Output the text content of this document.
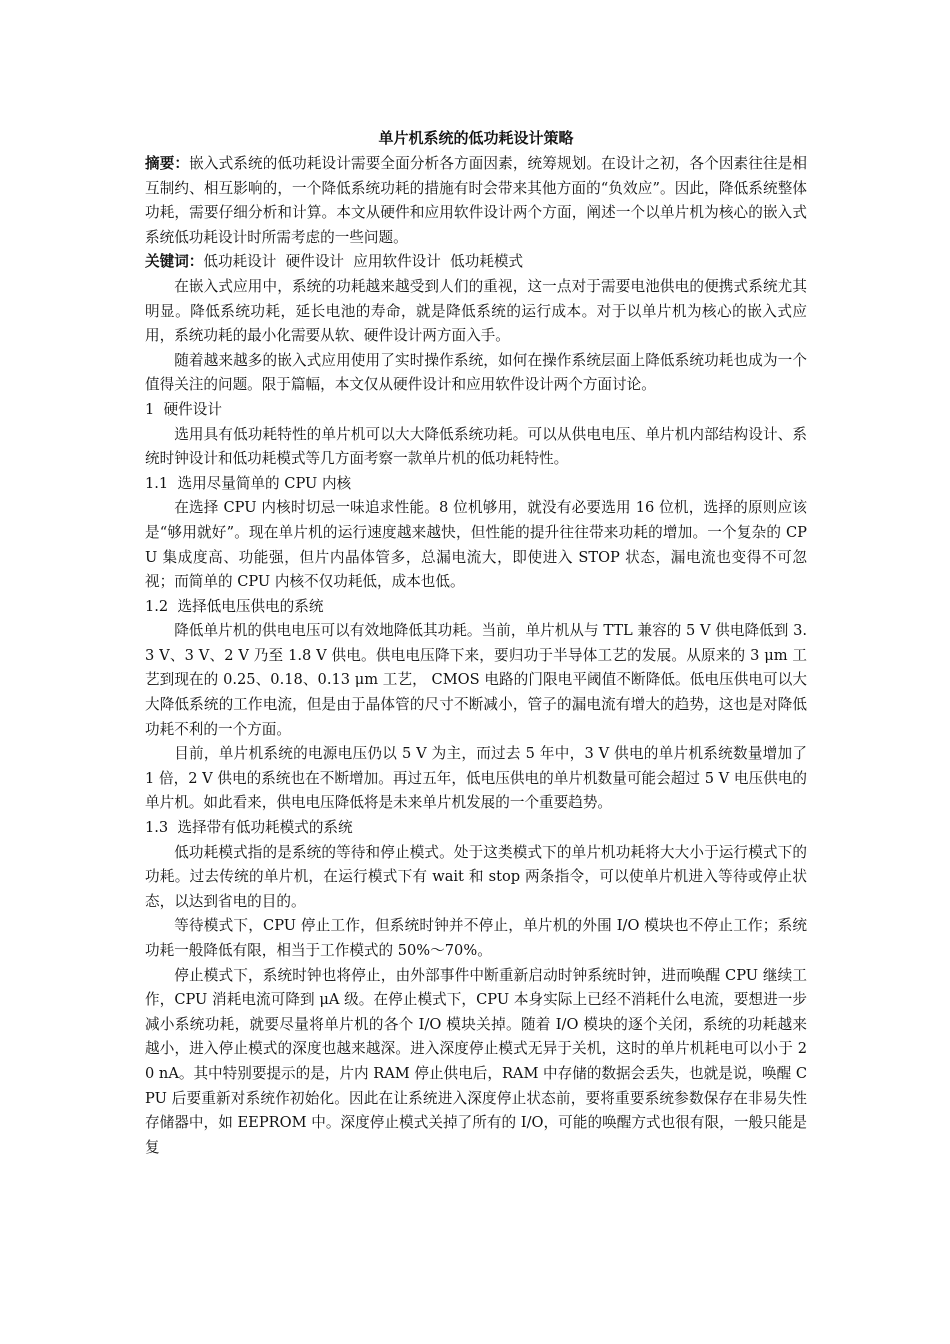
单片机系统的低功耗设计策略

摘要：嵌入式系统的低功耗设计需要全面分析各方面因素，统筹规划。在设计之初，各个因素往往是相互制约、相互影响的，一个降低系统功耗的措施有时会带来其他方面的“负效应”。因此，降低系统整体功耗，需要仔细分析和计算。本文从硬件和应用软件设计两个方面，阐述一个以单片机为核心的嵌入式系统低功耗设计时所需考虑的一些问题。

关键词：低功耗设计  硬件设计  应用软件设计  低功耗模式

在嵌入式应用中，系统的功耗越来越受到人们的重视，这一点对于需要电池供电的便携式系统尤其明显。降低系统功耗，延长电池的寿命，就是降低系统的运行成本。对于以单片机为核心的嵌入式应用，系统功耗的最小化需要从软、硬件设计两方面入手。

随着越来越多的嵌入式应用使用了实时操作系统，如何在操作系统层面上降低系统功耗也成为一个值得关注的问题。限于篇幅，本文仅从硬件设计和应用软件设计两个方面讨论。

1  硬件设计

选用具有低功耗特性的单片机可以大大降低系统功耗。可以从供电电压、单片机内部结构设计、系统时钟设计和低功耗模式等几方面考察一款单片机的低功耗特性。

1.1  选用尽量简单的 CPU 内核

在选择 CPU 内核时切忌一味追求性能。8 位机够用，就没有必要选用 16 位机，选择的原则应该是“够用就好”。现在单片机的运行速度越来越快，但性能的提升往往带来功耗的增加。一个复杂的 CPU 集成度高、功能强，但片内晶体管多，总漏电流大，即使进入 STOP 状态，漏电流也变得不可忽视；而简单的 CPU 内核不仅功耗低，成本也低。

1.2  选择低电压供电的系统

降低单片机的供电电压可以有效地降低其功耗。当前，单片机从与 TTL 兼容的 5 V 供电降低到 3.3 V、3 V、2 V 乃至 1.8 V 供电。供电电压降下来，要归功于半导体工艺的发展。从原来的 3 μm 工艺到现在的 0.25、0.18、0.13 μm 工艺， CMOS 电路的门限电平阈值不断降低。低电压供电可以大大降低系统的工作电流，但是由于晶体管的尺寸不断减小，管子的漏电流有增大的趋势，这也是对降低功耗不利的一个方面。

目前，单片机系统的电源电压仍以 5 V 为主，而过去 5 年中，3 V 供电的单片机系统数量增加了 1 倍，2 V 供电的系统也在不断增加。再过五年，低电压供电的单片机数量可能会超过 5 V 电压供电的单片机。如此看来，供电电压降低将是未来单片机发展的一个重要趋势。

1.3  选择带有低功耗模式的系统

低功耗模式指的是系统的等待和停止模式。处于这类模式下的单片机功耗将大大小于运行模式下的功耗。过去传统的单片机，在运行模式下有 wait 和 stop 两条指令，可以使单片机进入等待或停止状态，以达到省电的目的。

等待模式下，CPU 停止工作，但系统时钟并不停止，单片机的外围 I/O 模块也不停止工作；系统功耗一般降低有限，相当于工作模式的 50%～70%。

停止模式下，系统时钟也将停止，由外部事件中断重新启动时钟系统时钟，进而唤醒 CPU 继续工作，CPU 消耗电流可降到 μA 级。在停止模式下，CPU 本身实际上已经不消耗什么电流，要想进一步减小系统功耗，就要尽量将单片机的各个 I/O 模块关掉。随着 I/O 模块的逐个关闭，系统的功耗越来越小，进入停止模式的深度也越来越深。进入深度停止模式无异于关机，这时的单片机耗电可以小于 20 nA。其中特别要提示的是，片内 RAM 停止供电后，RAM 中存储的数据会丢失，也就是说，唤醒 CPU 后要重新对系统作初始化。因此在让系统进入深度停止状态前，要将重要系统参数保存在非易失性存储器中，如 EEPROM 中。深度停止模式关掉了所有的 I/O，可能的唤醒方式也很有限，一般只能是复
